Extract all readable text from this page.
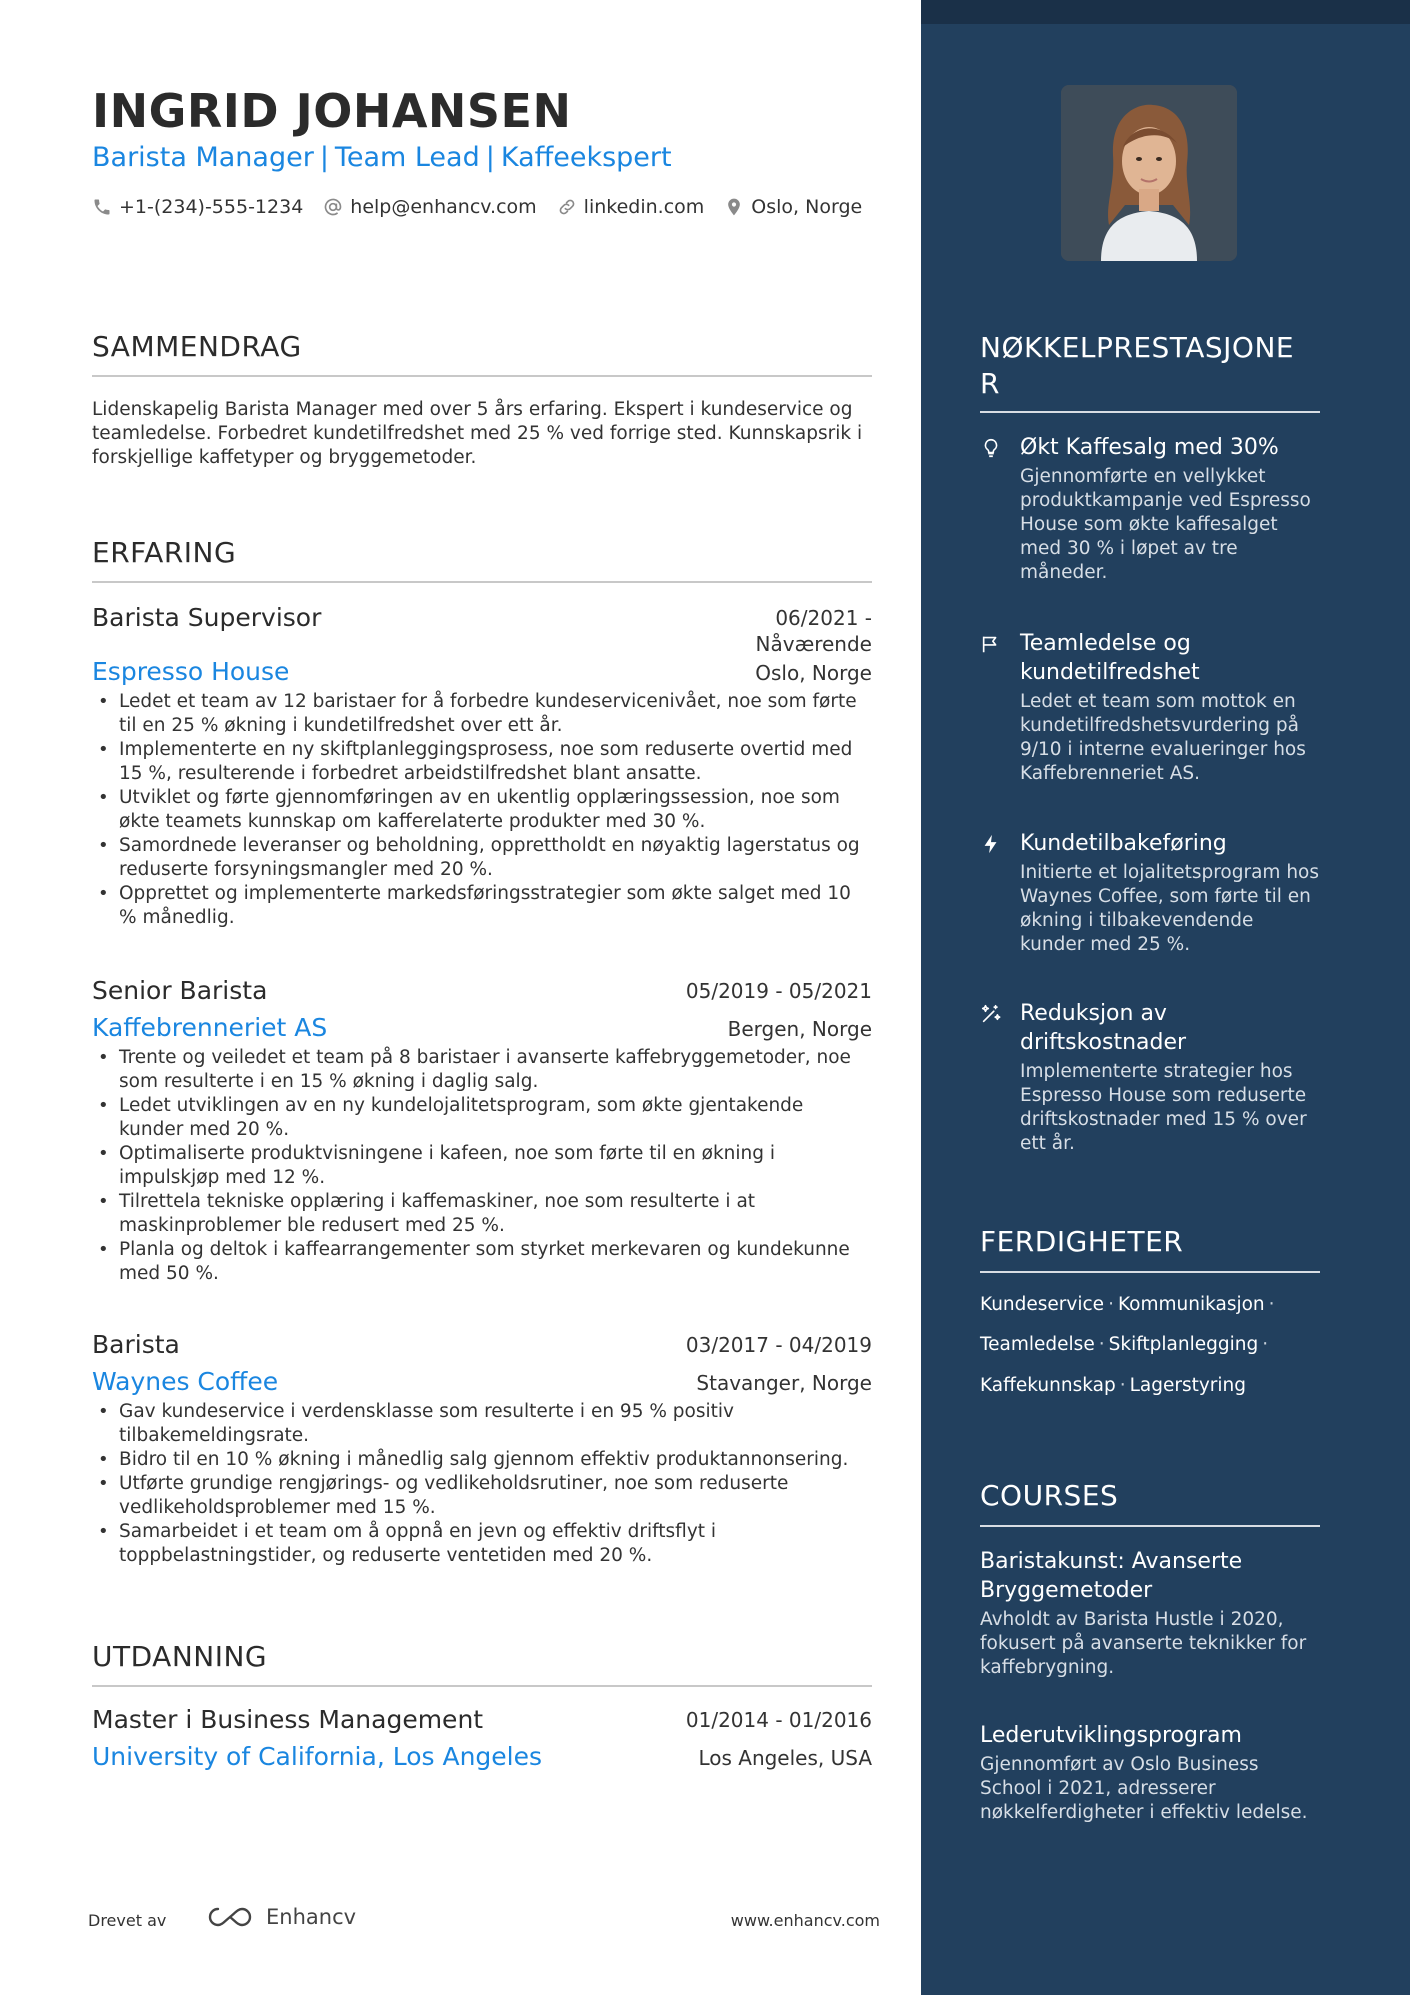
INGRID JOHANSEN
Barista Manager | Team Lead | Kaffeekspert
+1-(234)-555-1234 help@enhancv.com linkedin.com Oslo, Norge
SAMMENDRAG
Lidenskapelig Barista Manager med over 5 års erfaring. Ekspert i kundeservice og teamledelse. Forbedret kundetilfredshet med 25 % ved forrige sted. Kunnskapsrik i forskjellige kaffetyper og bryggemetoder.
ERFARING
Barista Supervisor	06/2021 -
Nåværende
Espresso House	Oslo, Norge
• Ledet et team av 12 baristaer for å forbedre kundeservicenivået, noe som førte til en 25 % økning i kundetilfredshet over ett år.
• Implementerte en ny skiftplanleggingsprosess, noe som reduserte overtid med 15 %, resulterende i forbedret arbeidstilfredshet blant ansatte.
• Utviklet og førte gjennomføringen av en ukentlig opplæringssession, noe som økte teamets kunnskap om kafferelaterte produkter med 30 %.
• Samordnede leveranser og beholdning, opprettholdt en nøyaktig lagerstatus og reduserte forsyningsmangler med 20 %.
• Opprettet og implementerte markedsføringsstrategier som økte salget med 10 % månedlig.
Senior Barista	05/2019 - 05/2021
Kaffebrenneriet AS	Bergen, Norge
• Trente og veiledet et team på 8 baristaer i avanserte kaffebryggemetoder, noe som resulterte i en 15 % økning i daglig salg.
• Ledet utviklingen av en ny kundelojalitetsprogram, som økte gjentakende kunder med 20 %.
• Optimaliserte produktvisningene i kafeen, noe som førte til en økning i impulskjøp med 12 %.
• Tilrettela tekniske opplæring i kaffemaskiner, noe som resulterte i at maskinproblemer ble redusert med 25 %.
• Planla og deltok i kaffearrangementer som styrket merkevaren og kundekunne med 50 %.
Barista	03/2017 - 04/2019
Waynes Coffee	Stavanger, Norge
• Gav kundeservice i verdensklasse som resulterte i en 95 % positiv tilbakemeldingsrate.
• Bidro til en 10 % økning i månedlig salg gjennom effektiv produktannonsering.
• Utførte grundige rengjørings- og vedlikeholdsrutiner, noe som reduserte vedlikeholdsproblemer med 15 %.
• Samarbeidet i et team om å oppnå en jevn og effektiv driftsflyt i toppbelastningstider, og reduserte ventetiden med 20 %.
UTDANNING
Master i Business Management	01/2014 - 01/2016
University of California, Los Angeles	Los Angeles, USA
Drevet av	Enhancv	www.enhancv.com
NØKKELPRESTASJONE
R
Økt Kaffesalg med 30%
Gjennomførte en vellykket produktkampanje ved Espresso House som økte kaffesalget med 30 % i løpet av tre måneder.
Teamledelse og kundetilfredshet
Ledet et team som mottok en kundetilfredshetsvurdering på 9/10 i interne evalueringer hos Kaffebrenneriet AS.
Kundetilbakeføring
Initierte et lojalitetsprogram hos Waynes Coffee, som førte til en økning i tilbakevendende kunder med 25 %.
Reduksjon av driftskostnader
Implementerte strategier hos Espresso House som reduserte driftskostnader med 15 % over ett år.
FERDIGHETER
Kundeservice · Kommunikasjon ·
Teamledelse · Skiftplanlegging ·
Kaffekunnskap · Lagerstyring
COURSES
Baristakunst: Avanserte Bryggemetoder
Avholdt av Barista Hustle i 2020, fokusert på avanserte teknikker for kaffebrygning.
Lederutviklingsprogram
Gjennomført av Oslo Business School i 2021, adresserer nøkkelferdigheter i effektiv ledelse.
